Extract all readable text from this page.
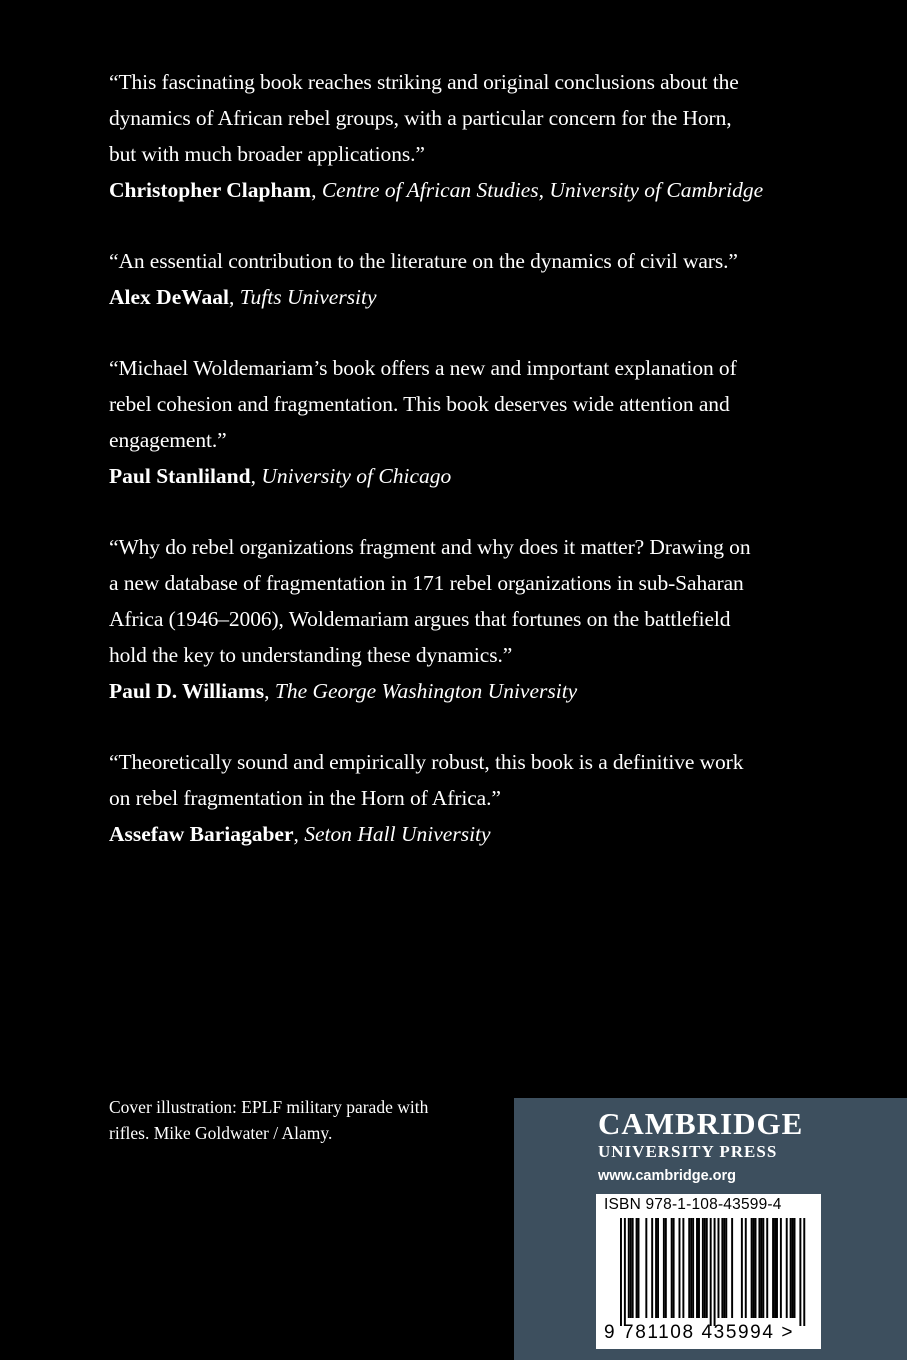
“This fascinating book reaches striking and original conclusions about the
dynamics of African rebel groups, with a particular concern for the Horn,
but with much broader applications.”

Christopher Clapham, Centre of African Studies, University of Cambridge

“An essential contribution to the literature on the dynamics of civil wars.”

Alex DeWaal, Tufts University

“Michael Woldemariam’s book offers a new and important explanation of
rebel cohesion and fragmentation. This book deserves wide attention and
engagement.”

Paul Stanliland, University of Chicago

“Why do rebel organizations fragment and why does it matter? Drawing on
a new database of fragmentation in 171 rebel organizations in sub-Saharan
Africa (1946–2006), Woldemariam argues that fortunes on the battlefield
hold the key to understanding these dynamics.”

Paul D. Williams, The George Washington University

“Theoretically sound and empirically robust, this book is a definitive work
on rebel fragmentation in the Horn of Africa.”

Assefaw Bariagaber, Seton Hall University

Cover illustration: EPLF military parade with
rifles. Mike Goldwater / Alamy.	CAMBRIDGE
UNIVERSITY PRESS
www.cambridge.org
ISBN 978-1-108-43599-4
9 781108 435994 >
